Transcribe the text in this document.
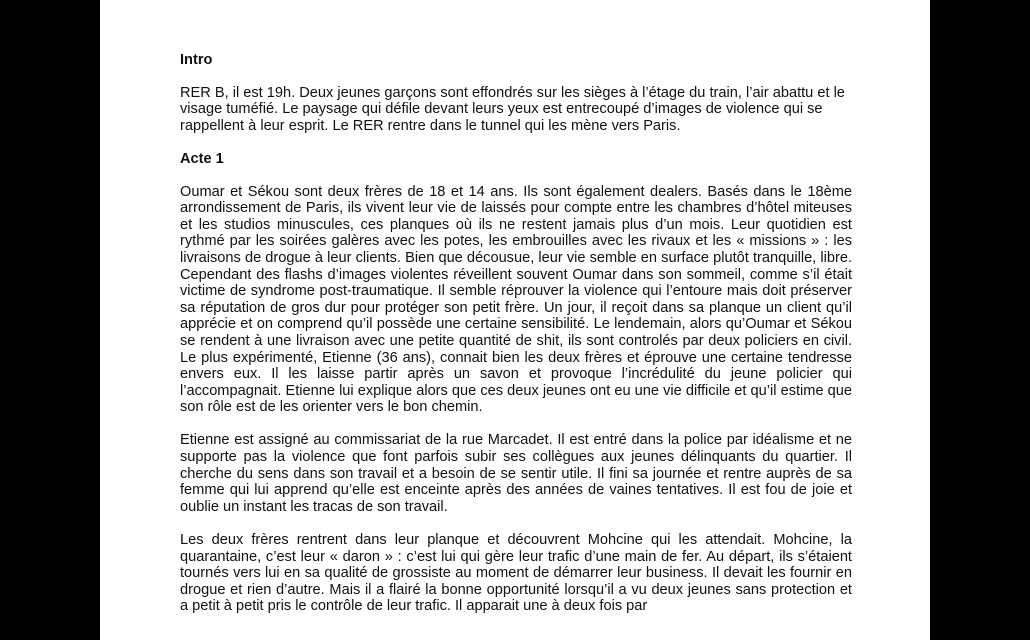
Intro

RER B, il est 19h. Deux jeunes garçons sont effondrés sur les sièges à l’étage du train, l’air abattu et le visage tuméfié. Le paysage qui défile devant leurs yeux est entrecoupé d’images de violence qui se rappellent à leur esprit. Le RER rentre dans le tunnel qui les mène vers Paris.

Acte 1

Oumar et Sékou sont deux frères de 18 et 14 ans. Ils sont également dealers. Basés dans le 18ème arrondissement de Paris, ils vivent leur vie de laissés pour compte entre les chambres d’hôtel miteuses et les studios minuscules, ces planques où ils ne restent jamais plus d’un mois. Leur quotidien est rythmé par les soirées galères avec les potes, les embrouilles avec les rivaux et les « missions » : les livraisons de drogue à leur clients. Bien que décousue, leur vie semble en surface plutôt tranquille, libre. Cependant des flashs d’images violentes réveillent souvent Oumar dans son sommeil, comme s’il était victime de syndrome post-traumatique. Il semble réprouver la violence qui l’entoure mais doit préserver sa réputation de gros dur pour protéger son petit frère. Un jour, il reçoit dans sa planque un client qu’il apprécie et on comprend qu’il possède une certaine sensibilité. Le lendemain, alors qu’Oumar et Sékou se rendent à une livraison avec une petite quantité de shit, ils sont controlés par deux policiers en civil. Le plus expérimenté, Etienne (36 ans), connait bien les deux frères et éprouve une certaine tendresse envers eux. Il les laisse partir après un savon et provoque l’incrédulité du jeune policier qui l’accompagnait. Etienne lui explique alors que ces deux jeunes ont eu une vie difficile et qu’il estime que son rôle est de les orienter vers le bon chemin.

Etienne est assigné au commissariat de la rue Marcadet. Il est entré dans la police par idéalisme et ne supporte pas la violence que font parfois subir ses collègues aux jeunes délinquants du quartier. Il cherche du sens dans son travail et a besoin de se sentir utile. Il fini sa journée et rentre auprès de sa femme qui lui apprend qu’elle est enceinte après des années de vaines tentatives. Il est fou de joie et oublie un instant les tracas de son travail.

Les deux frères rentrent dans leur planque et découvrent Mohcine qui les attendait. Mohcine, la quarantaine, c’est leur « daron » : c’est lui qui gère leur trafic d’une main de fer. Au départ, ils s’étaient tournés vers lui en sa qualité de grossiste au moment de démarrer leur business. Il devait les fournir en drogue et rien d’autre. Mais il a flairé la bonne opportunité lorsqu’il a vu deux jeunes sans protection et a petit à petit pris le contrôle de leur trafic. Il apparait une à deux fois par
